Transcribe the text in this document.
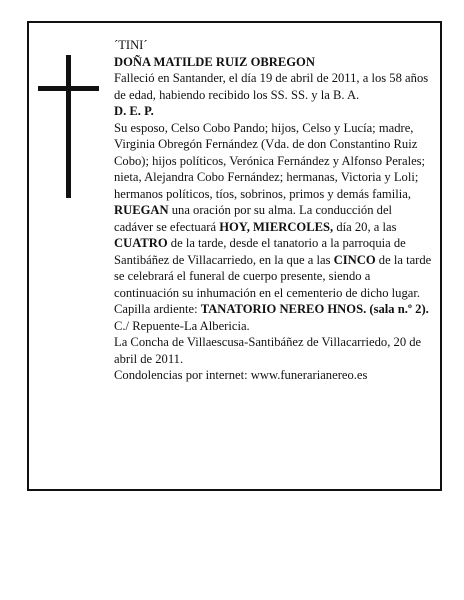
´TINI´

DOÑA MATILDE RUIZ OBREGON

Falleció en Santander, el día 19 de abril de 2011, a los 58 años de edad, habiendo recibido los SS. SS. y la B. A.

D. E. P.

Su esposo, Celso Cobo Pando; hijos, Celso y Lucía; madre, Virginia Obregón Fernández (Vda. de don Constantino Ruiz Cobo); hijos políticos, Verónica Fernández y Alfonso Perales; nieta, Alejandra Cobo Fernández; hermanas, Victoria y Loli; hermanos políticos, tíos, sobrinos, primos y demás familia,

RUEGAN una oración por su alma. La conducción del cadáver se efectuará HOY, MIERCOLES, día 20, a las CUATRO de la tarde, desde el tanatorio a la parroquia de Santibáñez de Villacarriedo, en la que a las CINCO de la tarde se celebrará el funeral de cuerpo presente, siendo a continuación su inhumación en el cementerio de dicho lugar. Capilla ardiente: TANATORIO NEREO HNOS. (sala n.º 2). C./ Repuente-La Albericia.

La Concha de Villaescusa-Santibáñez de Villacarriedo, 20 de abril de 2011.

Condolencias por internet: www.funerarianereo.es
